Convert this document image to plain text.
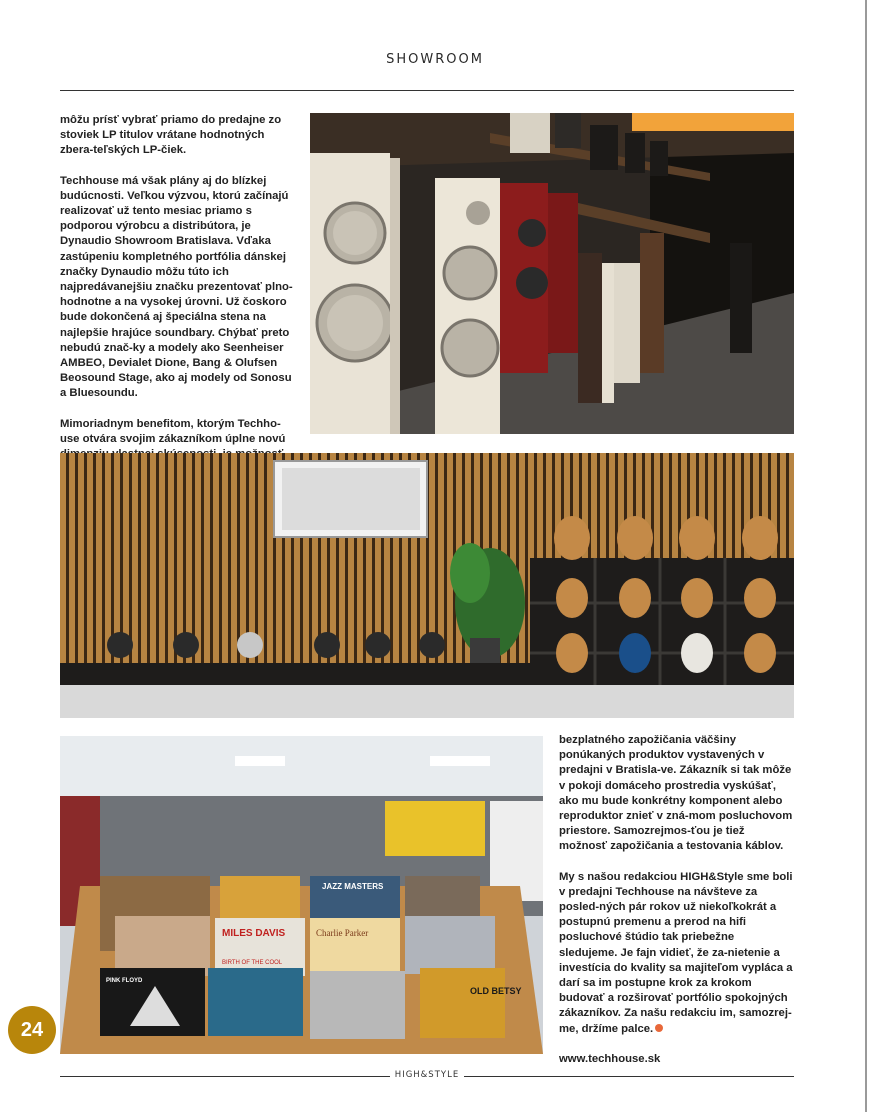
SHOWROOM

môžu prísť vybrať priamo do predajne zo stoviek LP titulov vrátane hodnotných zbera-teľských LP-čiek.

Techhouse má však plány aj do blízkej budúcnosti. Veľkou výzvou, ktorú začínajú realizovať už tento mesiac priamo s podporou výrobcu a distribútora, je Dynaudio Showroom Bratislava. Vďaka zastúpeniu kompletného portfólia dánskej značky Dynaudio môžu túto ich najpredávanejšiu značku prezentovať plno-hodnotne a na vysokej úrovni. Už čoskoro bude dokončená aj špeciálna stena na najlepšie hrajúce soundbary. Chýbať preto nebudú znač-ky a modely ako Seenheiser AMBEO, Devialet Dione, Bang & Olufsen Beosound Stage, ako aj modely od Sonosu a Bluesoundu.

Mimoriadnym benefitom, ktorým Techho-use otvára svojim zákazníkom úplne novú

JAZZ MASTERS
MILES DAVIS
BIRTH OF THE COOL
Charlie Parker
OLD BETSY
PINK FLOYD

bezplatného zapožičania väčšiny ponúkaných produktov vystavených v predajni v Bratisla-ve. Zákazník si tak môže v pokoji domáceho prostredia vyskúšať, ako mu bude konkrétny komponent alebo reproduktor znieť v zná-mom posluchovom priestore. Samozrejmos-ťou je tiež možnosť zapožičania a testovania káblov.

My s našou redakciou HIGH&Style sme boli v predajni Techhouse na návšteve za posled-ných pár rokov už niekoľkokrát a postupnú premenu a prerod na hifi posluchové štúdio tak priebežne sledujeme. Je fajn vidieť, že za-nietenie a investícia do kvality sa majiteľom vypláca a darí sa im postupne krok za krokom budovať a rozširovať portfólio spokojných zákazníkov. Za našu redakciu im, samozrej-me, držíme palce.

www.techhouse.sk
24
HIGH&STYLE
